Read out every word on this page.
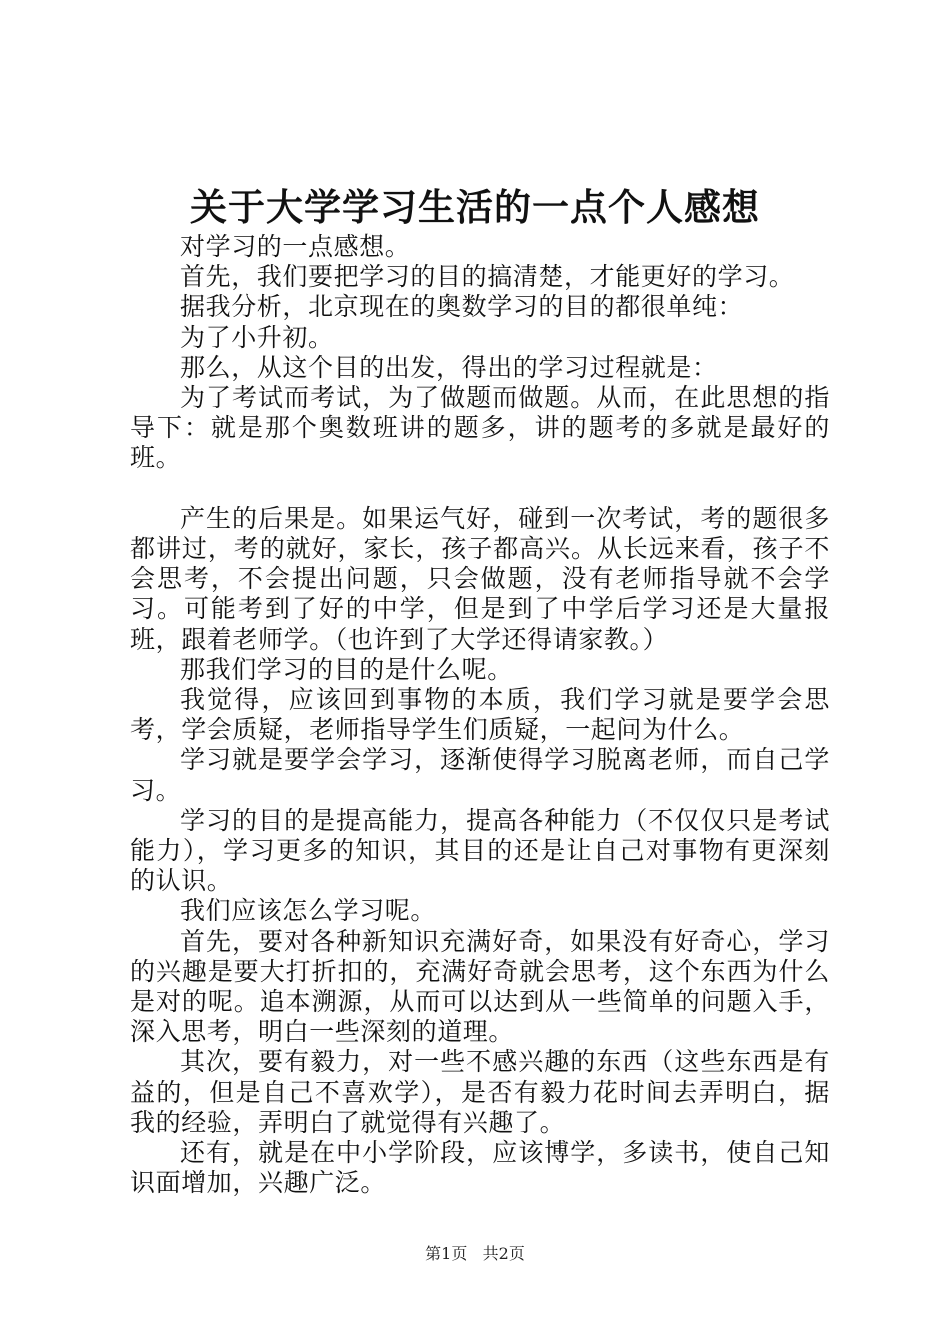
关于大学学习生活的一点个人感想

对学习的一点感想。

首先，我们要把学习的目的搞清楚，才能更好的学习。

据我分析，北京现在的奥数学习的目的都很单纯：

为了小升初。

那么，从这个目的出发，得出的学习过程就是：

为了考试而考试，为了做题而做题。从而，在此思想的指导下：就是那个奥数班讲的题多，讲的题考的多就是最好的班。

产生的后果是。如果运气好，碰到一次考试，考的题很多都讲过，考的就好，家长，孩子都高兴。从长远来看，孩子不会思考，不会提出问题，只会做题，没有老师指导就不会学习。可能考到了好的中学，但是到了中学后学习还是大量报班，跟着老师学。（也许到了大学还得请家教。）

那我们学习的目的是什么呢。

我觉得，应该回到事物的本质，我们学习就是要学会思考，学会质疑，老师指导学生们质疑，一起问为什么。

学习就是要学会学习，逐渐使得学习脱离老师，而自己学习。

学习的目的是提高能力，提高各种能力（不仅仅只是考试能力），学习更多的知识，其目的还是让自己对事物有更深刻的认识。

我们应该怎么学习呢。

首先，要对各种新知识充满好奇，如果没有好奇心，学习的兴趣是要大打折扣的，充满好奇就会思考，这个东西为什么是对的呢。追本溯源，从而可以达到从一些简单的问题入手，深入思考，明白一些深刻的道理。

其次，要有毅力，对一些不感兴趣的东西（这些东西是有益的，但是自己不喜欢学），是否有毅力花时间去弄明白，据我的经验，弄明白了就觉得有兴趣了。

还有，就是在中小学阶段，应该博学，多读书，使自己知识面增加，兴趣广泛。

第1页 共2页
